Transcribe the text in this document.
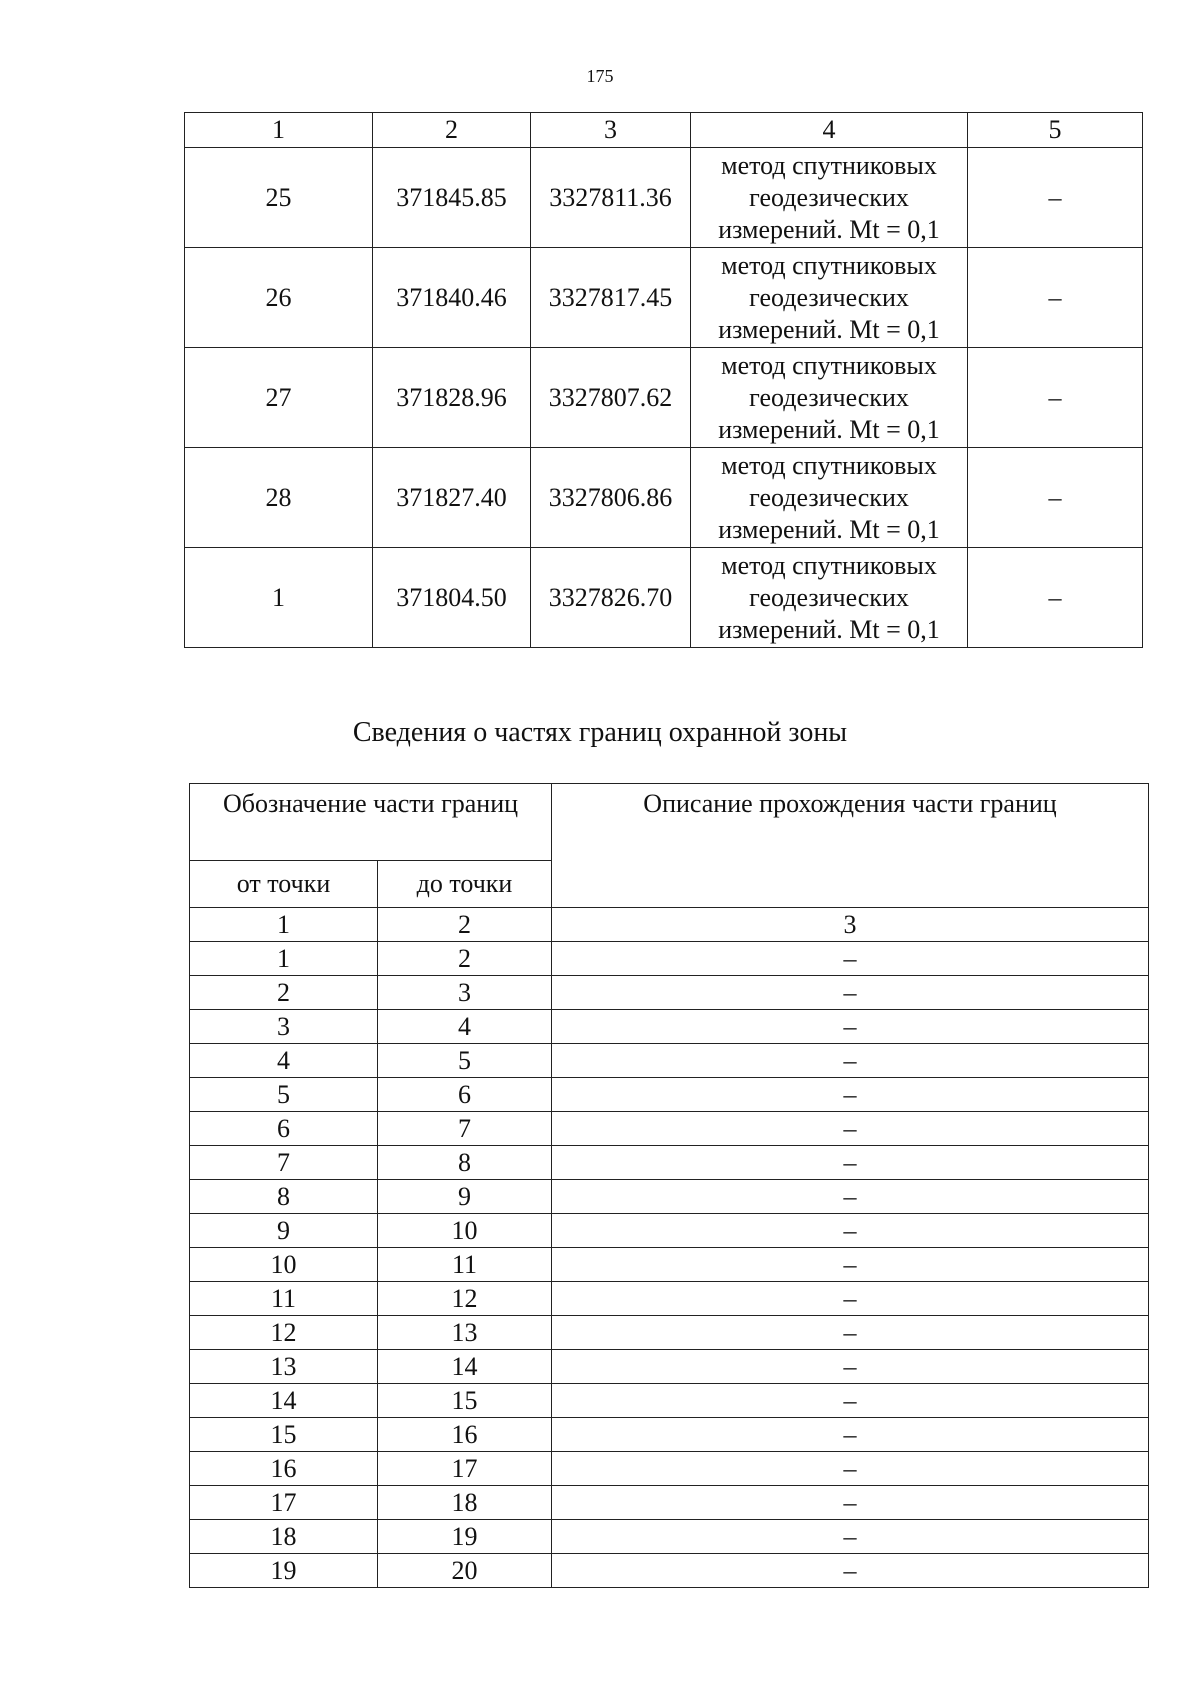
175
1	2	3	4	5
25	371845.85	3327811.36	метод спутниковых
геодезических
измерений. Mt = 0,1	–
26	371840.46	3327817.45	метод спутниковых
геодезических
измерений. Mt = 0,1	–
27	371828.96	3327807.62	метод спутниковых
геодезических
измерений. Mt = 0,1	–
28	371827.40	3327806.86	метод спутниковых
геодезических
измерений. Mt = 0,1	–
1	371804.50	3327826.70	метод спутниковых
геодезических
измерений. Mt = 0,1	–
Сведения о частях границ охранной зоны
Обозначение части границ		Описание прохождения части границ
от точки	до точки	
1	2	3
1	2	–
2	3	–
3	4	–
4	5	–
5	6	–
6	7	–
7	8	–
8	9	–
9	10	–
10	11	–
11	12	–
12	13	–
13	14	–
14	15	–
15	16	–
16	17	–
17	18	–
18	19	–
19	20	–
